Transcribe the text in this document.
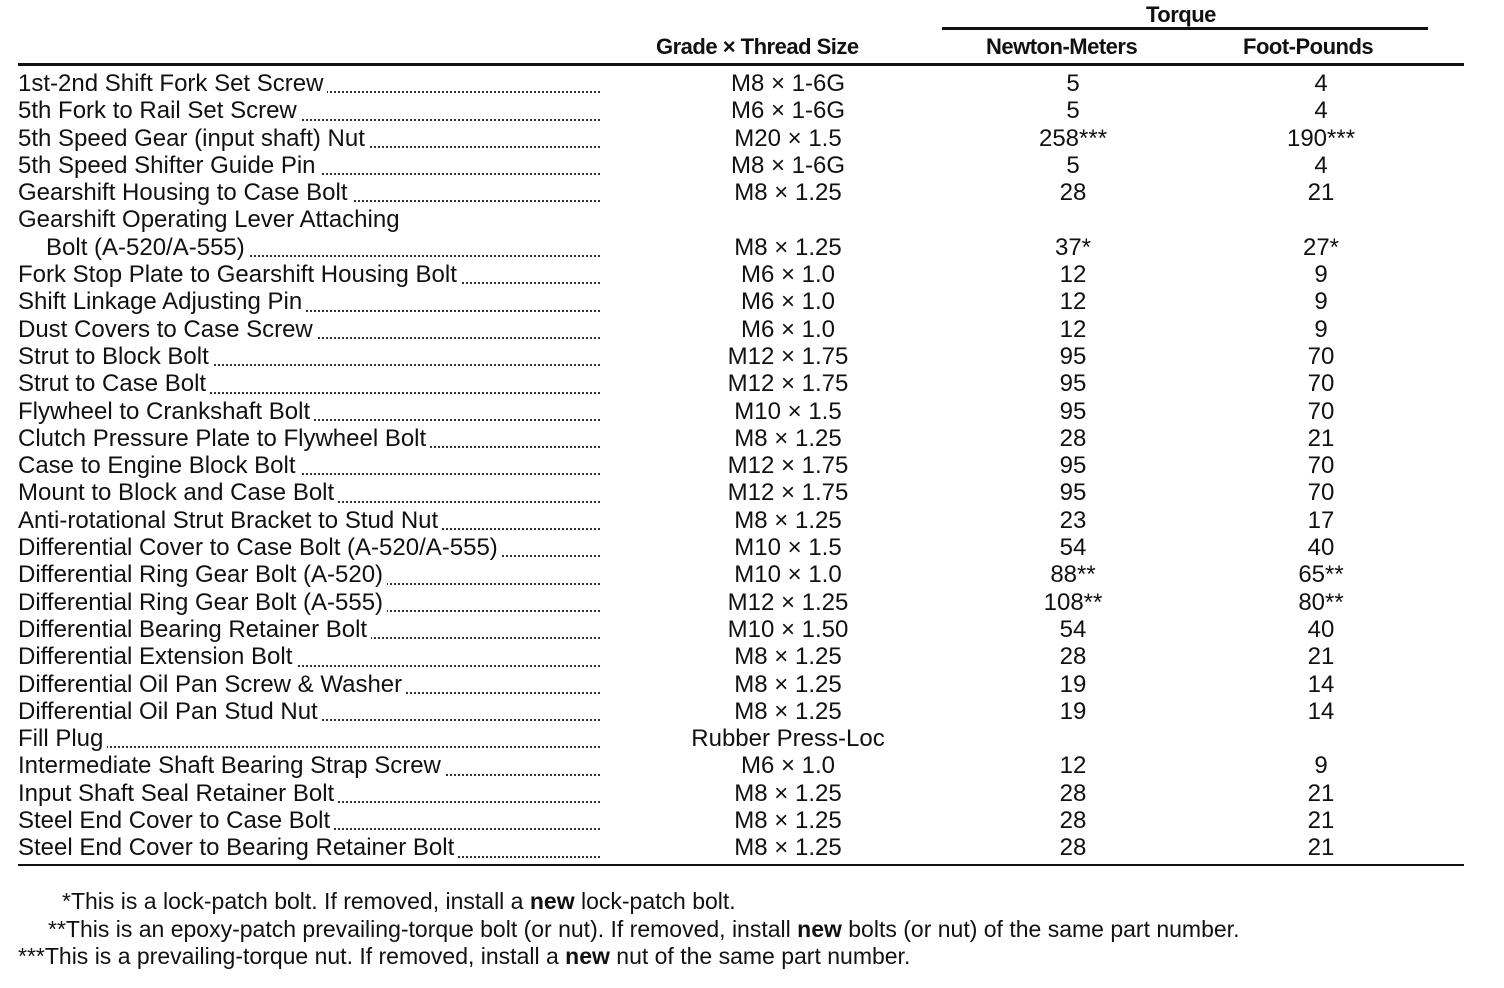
Torque
Grade × Thread Size	Newton-Meters	Foot-Pounds
1st-2nd Shift Fork Set Screw	M8 × 1-6G	5	4
5th Fork to Rail Set Screw	M6 × 1-6G	5	4
5th Speed Gear (input shaft) Nut	M20 × 1.5	258***	190***
5th Speed Shifter Guide Pin	M8 × 1-6G	5	4
Gearshift Housing to Case Bolt	M8 × 1.25	28	21
Gearshift Operating Lever Attaching
Bolt (A-520/A-555)	M8 × 1.25	37*	27*
Fork Stop Plate to Gearshift Housing Bolt	M6 × 1.0	12	9
Shift Linkage Adjusting Pin	M6 × 1.0	12	9
Dust Covers to Case Screw	M6 × 1.0	12	9
Strut to Block Bolt	M12 × 1.75	95	70
Strut to Case Bolt	M12 × 1.75	95	70
Flywheel to Crankshaft Bolt	M10 × 1.5	95	70
Clutch Pressure Plate to Flywheel Bolt	M8 × 1.25	28	21
Case to Engine Block Bolt	M12 × 1.75	95	70
Mount to Block and Case Bolt	M12 × 1.75	95	70
Anti-rotational Strut Bracket to Stud Nut	M8 × 1.25	23	17
Differential Cover to Case Bolt (A-520/A-555)	M10 × 1.5	54	40
Differential Ring Gear Bolt (A-520)	M10 × 1.0	88**	65**
Differential Ring Gear Bolt (A-555)	M12 × 1.25	108**	80**
Differential Bearing Retainer Bolt	M10 × 1.50	54	40
Differential Extension Bolt	M8 × 1.25	28	21
Differential Oil Pan Screw & Washer	M8 × 1.25	19	14
Differential Oil Pan Stud Nut	M8 × 1.25	19	14
Fill Plug	Rubber Press-Loc
Intermediate Shaft Bearing Strap Screw	M6 × 1.0	12	9
Input Shaft Seal Retainer Bolt	M8 × 1.25	28	21
Steel End Cover to Case Bolt	M8 × 1.25	28	21
Steel End Cover to Bearing Retainer Bolt	M8 × 1.25	28	21
*This is a lock-patch bolt. If removed, install a new lock-patch bolt.
**This is an epoxy-patch prevailing-torque bolt (or nut). If removed, install new bolts (or nut) of the same part number.
***This is a prevailing-torque nut. If removed, install a new nut of the same part number.
